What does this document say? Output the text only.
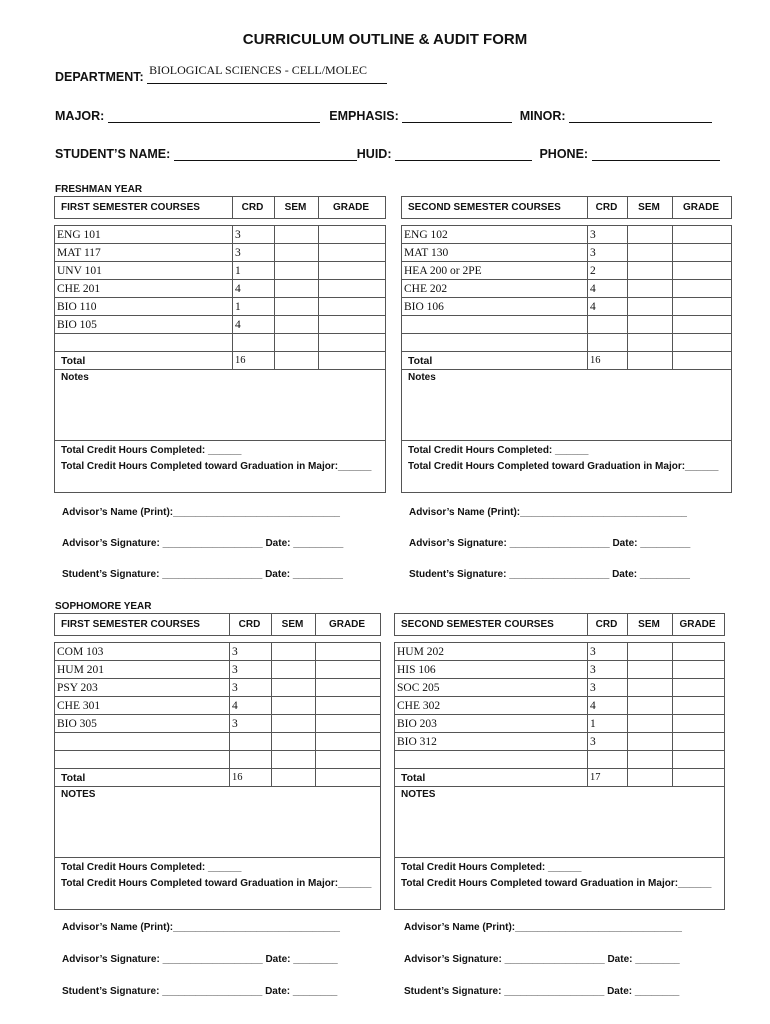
CURRICULUM OUTLINE & AUDIT FORM
DEPARTMENT: BIOLOGICAL SCIENCES - CELL/MOLEC
MAJOR:	EMPHASIS:	MINOR:
STUDENT’S NAME:	HUID:	PHONE:
FRESHMAN YEAR
FIRST SEMESTER COURSES	CRD	SEM	GRADE

ENG 101	3		
MAT 117	3		
UNV 101	1		
CHE 201	4		
BIO 110	1		
BIO 105	4		

Total	16		
Notes			

Total Credit Hours Completed: ______
Total Credit Hours Completed toward Graduation in Major:______			
SECOND SEMESTER COURSES	CRD	SEM	GRADE

ENG 102	3		
MAT 130	3		
HEA 200 or 2PE	2		
CHE 202	4		
BIO 106	4		

Total	16		
Notes			

Total Credit Hours Completed: ______
Total Credit Hours Completed toward Graduation in Major:______			
Advisor’s Name (Print):______________________________
Advisor’s Signature: __________________ Date: _________
Student’s Signature: __________________ Date: _________
Advisor’s Name (Print):______________________________
Advisor’s Signature: __________________ Date: _________
Student’s Signature: __________________ Date: _________
SOPHOMORE YEAR
FIRST SEMESTER COURSES	CRD	SEM	GRADE

COM 103	3		
HUM 201	3		
PSY 203	3		
CHE 301	4		
BIO 305	3		

Total	16		
NOTES			

Total Credit Hours Completed: ______
Total Credit Hours Completed toward Graduation in Major:______			
SECOND SEMESTER COURSES	CRD	SEM	GRADE

HUM 202	3		
HIS 106	3		
SOC 205	3		
CHE 302	4		
BIO 203	1		
BIO 312	3		

Total	17		
NOTES			

Total Credit Hours Completed: ______
Total Credit Hours Completed toward Graduation in Major:______			
Advisor’s Name (Print):______________________________
Advisor’s Signature: __________________ Date: ________
Student’s Signature: __________________ Date: ________
Advisor’s Name (Print):______________________________
Advisor’s Signature: __________________ Date: ________
Student’s Signature: __________________ Date: ________
